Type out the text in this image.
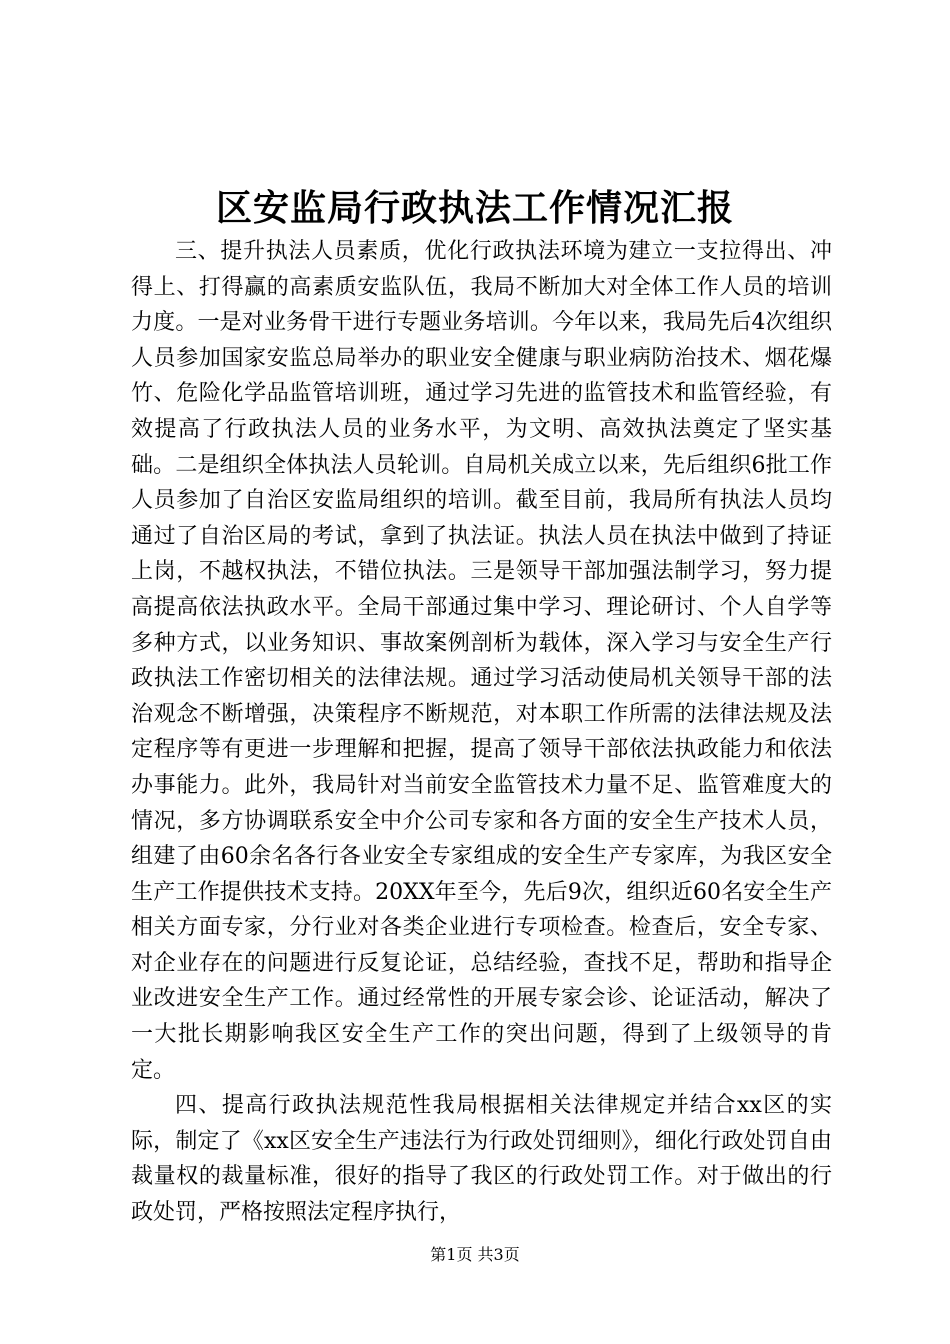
区安监局行政执法工作情况汇报

三、提升执法人员素质，优化行政执法环境为建立一支拉得出、冲得上、打得赢的高素质安监队伍，我局不断加大对全体工作人员的培训力度。一是对业务骨干进行专题业务培训。今年以来，我局先后4次组织人员参加国家安监总局举办的职业安全健康与职业病防治技术、烟花爆竹、危险化学品监管培训班，通过学习先进的监管技术和监管经验，有效提高了行政执法人员的业务水平，为文明、高效执法奠定了坚实基础。二是组织全体执法人员轮训。自局机关成立以来，先后组织6批工作人员参加了自治区安监局组织的培训。截至目前，我局所有执法人员均通过了自治区局的考试，拿到了执法证。执法人员在执法中做到了持证上岗，不越权执法，不错位执法。三是领导干部加强法制学习，努力提高提高依法执政水平。全局干部通过集中学习、理论研讨、个人自学等多种方式，以业务知识、事故案例剖析为载体，深入学习与安全生产行政执法工作密切相关的法律法规。通过学习活动使局机关领导干部的法治观念不断增强，决策程序不断规范，对本职工作所需的法律法规及法定程序等有更进一步理解和把握，提高了领导干部依法执政能力和依法办事能力。此外，我局针对当前安全监管技术力量不足、监管难度大的情况，多方协调联系安全中介公司专家和各方面的安全生产技术人员，组建了由60余名各行各业安全专家组成的安全生产专家库，为我区安全生产工作提供技术支持。20XX年至今，先后9次，组织近60名安全生产相关方面专家，分行业对各类企业进行专项检查。检查后，安全专家、对企业存在的问题进行反复论证，总结经验，查找不足，帮助和指导企业改进安全生产工作。通过经常性的开展专家会诊、论证活动，解决了一大批长期影响我区安全生产工作的突出问题，得到了上级领导的肯定。

四、提高行政执法规范性我局根据相关法律规定并结合xx区的实际，制定了《xx区安全生产违法行为行政处罚细则》，细化行政处罚自由裁量权的裁量标准，很好的指导了我区的行政处罚工作。对于做出的行政处罚，严格按照法定程序执行，

第1页 共3页
